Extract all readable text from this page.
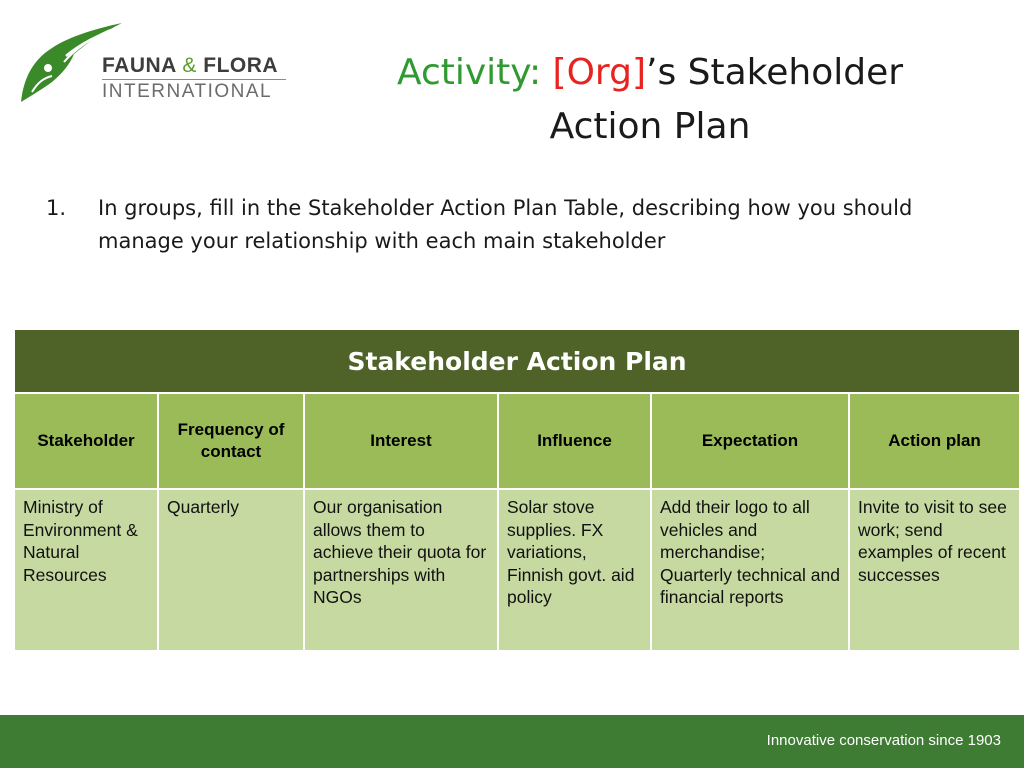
FAUNA & FLORA
INTERNATIONAL	Activity: [Org]’s Stakeholder
Action Plan
1. In groups, fill in the Stakeholder Action Plan Table, describing how you should manage your relationship with each main stakeholder
Stakeholder Action Plan					
Stakeholder	Frequency of contact	Interest	Influence	Expectation	Action plan
Ministry of Environment & Natural Resources	Quarterly	Our organisation allows them to achieve their quota for partnerships with NGOs	Solar stove supplies. FX variations, Finnish govt. aid policy	Add their logo to all vehicles and merchandise; Quarterly technical and financial reports	Invite to visit to see work; send examples of recent successes
Innovative conservation since 1903
